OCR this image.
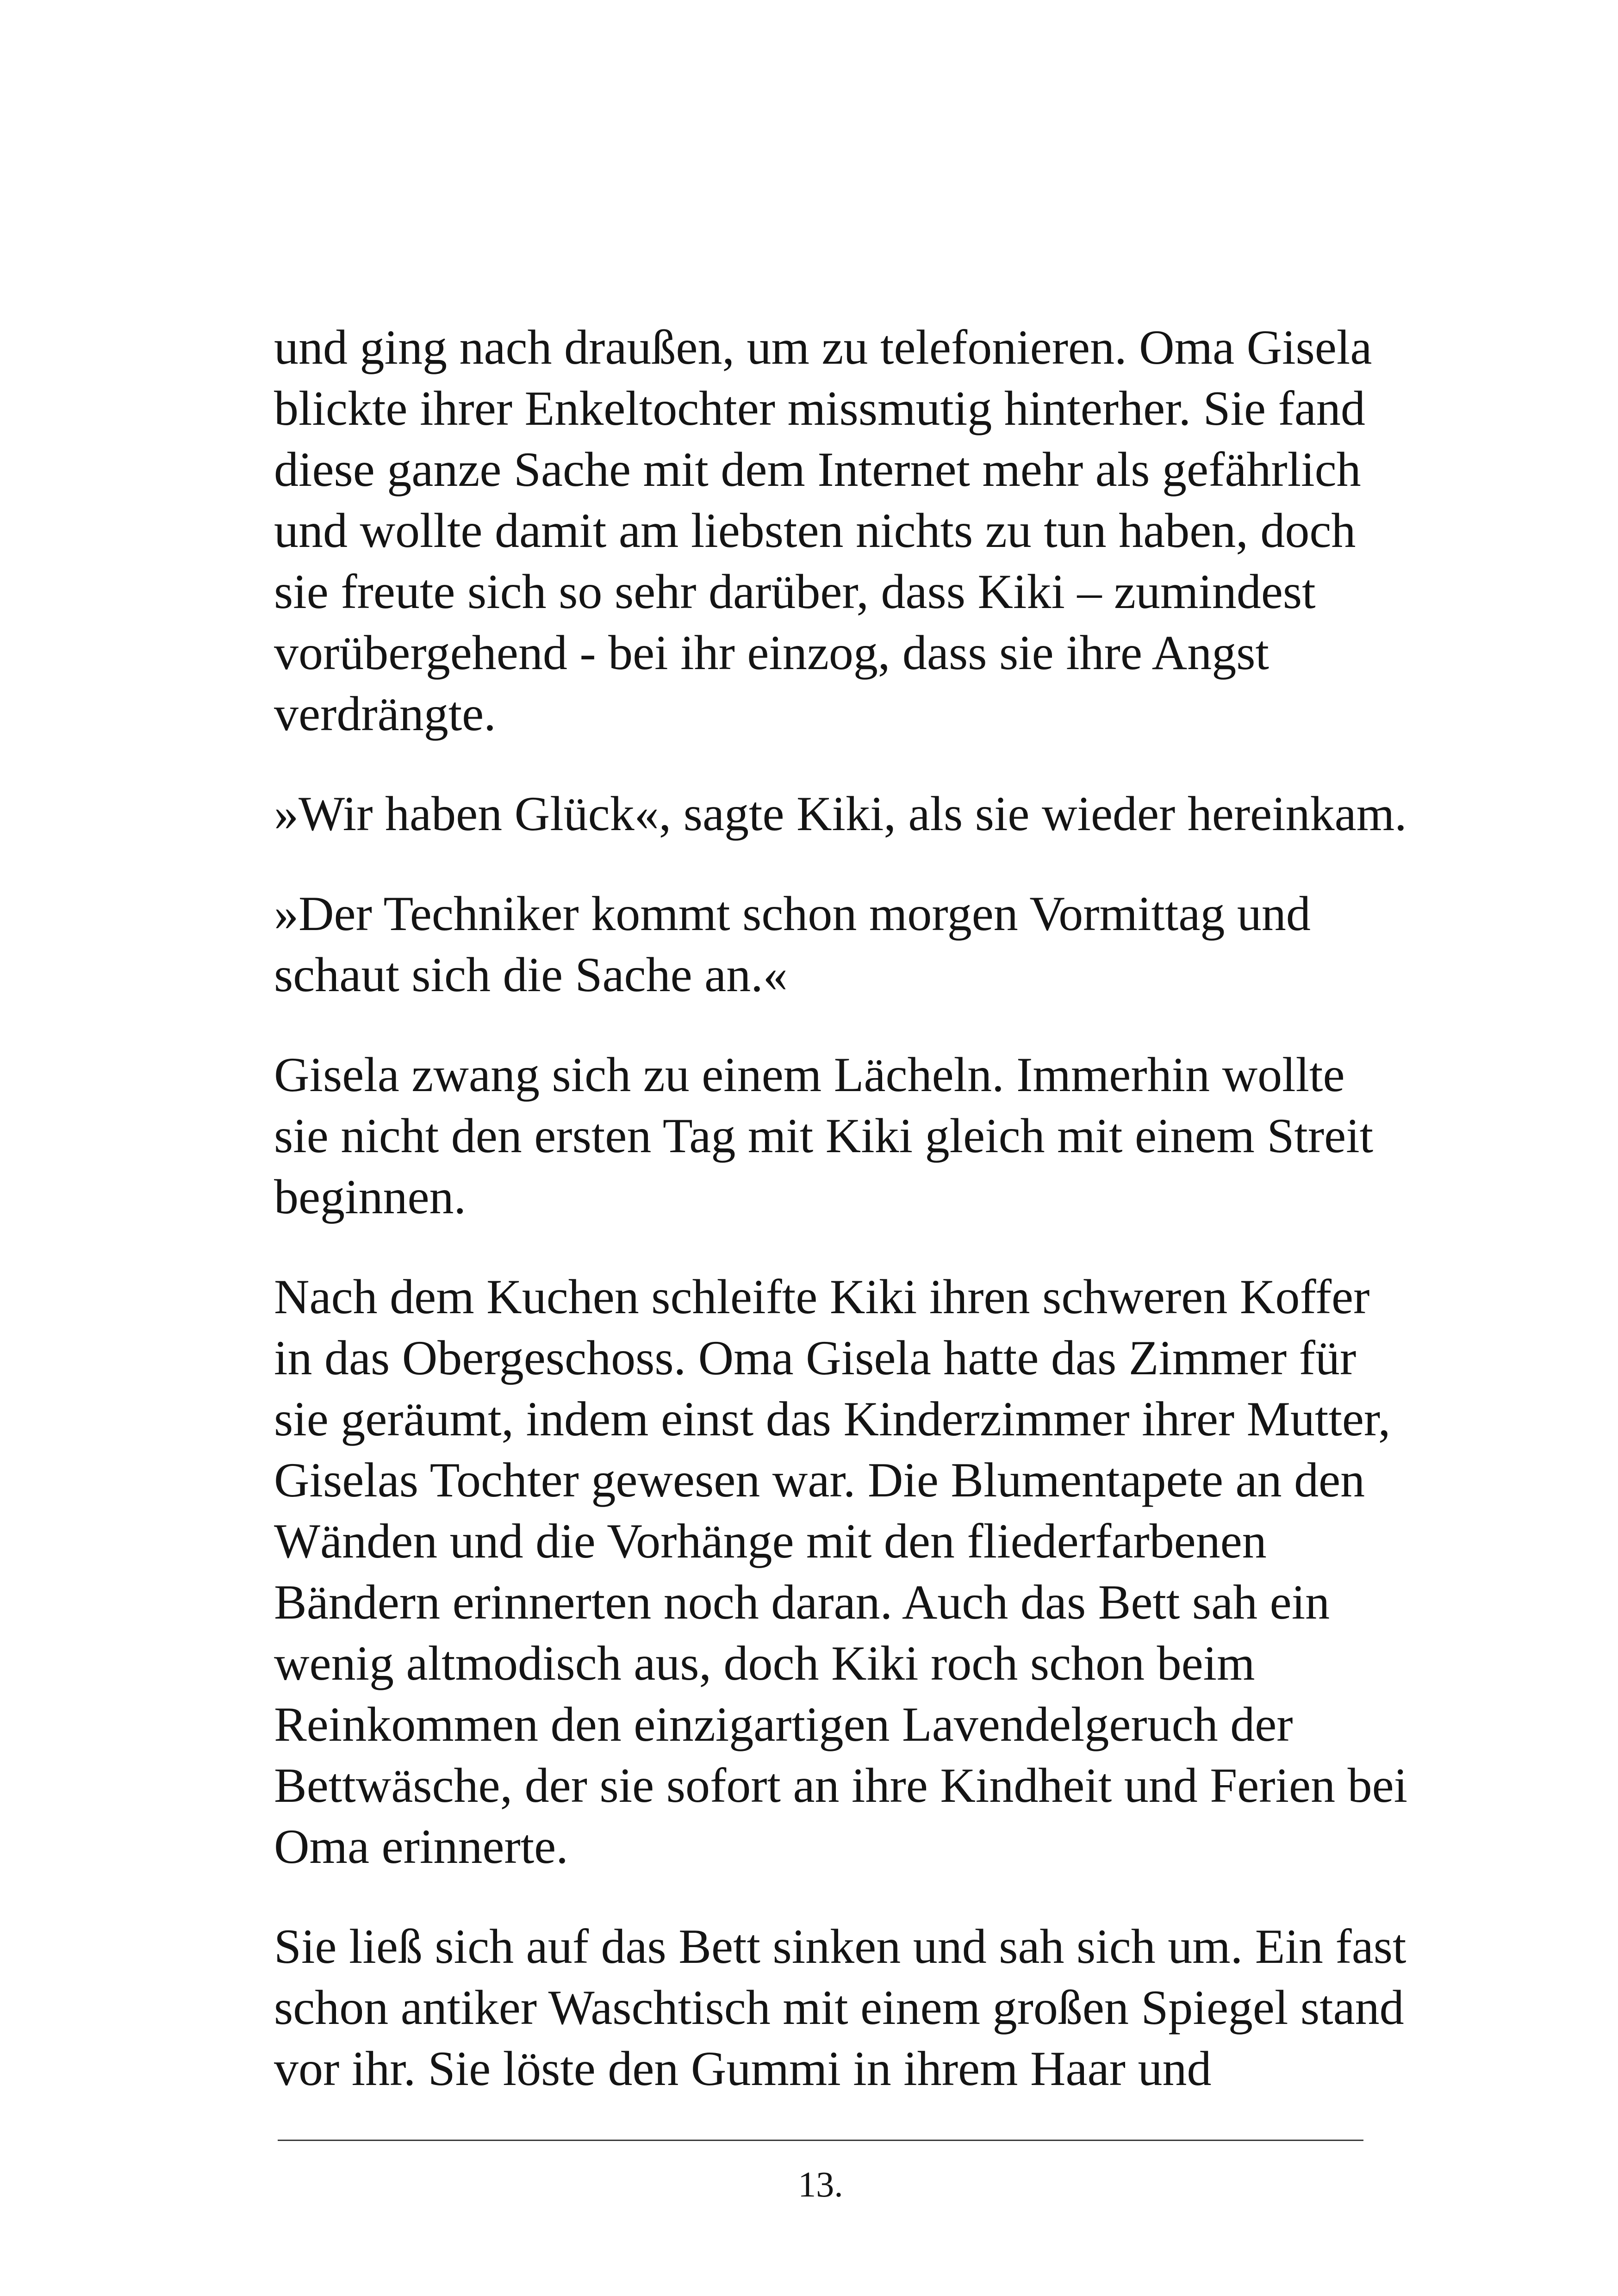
und ging nach draußen, um zu telefonieren. Oma Gisela
blickte ihrer Enkeltochter missmutig hinterher. Sie fand
diese ganze Sache mit dem Internet mehr als gefährlich
und wollte damit am liebsten nichts zu tun haben, doch
sie freute sich so sehr darüber, dass Kiki – zumindest
vorübergehend - bei ihr einzog, dass sie ihre Angst
verdrängte.

»Wir haben Glück«, sagte Kiki, als sie wieder hereinkam.

»Der Techniker kommt schon morgen Vormittag und
schaut sich die Sache an.«

Gisela zwang sich zu einem Lächeln. Immerhin wollte
sie nicht den ersten Tag mit Kiki gleich mit einem Streit
beginnen.

Nach dem Kuchen schleifte Kiki ihren schweren Koffer
in das Obergeschoss. Oma Gisela hatte das Zimmer für
sie geräumt, indem einst das Kinderzimmer ihrer Mutter,
Giselas Tochter gewesen war. Die Blumentapete an den
Wänden und die Vorhänge mit den fliederfarbenen
Bändern erinnerten noch daran. Auch das Bett sah ein
wenig altmodisch aus, doch Kiki roch schon beim
Reinkommen den einzigartigen Lavendelgeruch der
Bettwäsche, der sie sofort an ihre Kindheit und Ferien bei
Oma erinnerte.

Sie ließ sich auf das Bett sinken und sah sich um. Ein fast
schon antiker Waschtisch mit einem großen Spiegel stand
vor ihr. Sie löste den Gummi in ihrem Haar und

13.
